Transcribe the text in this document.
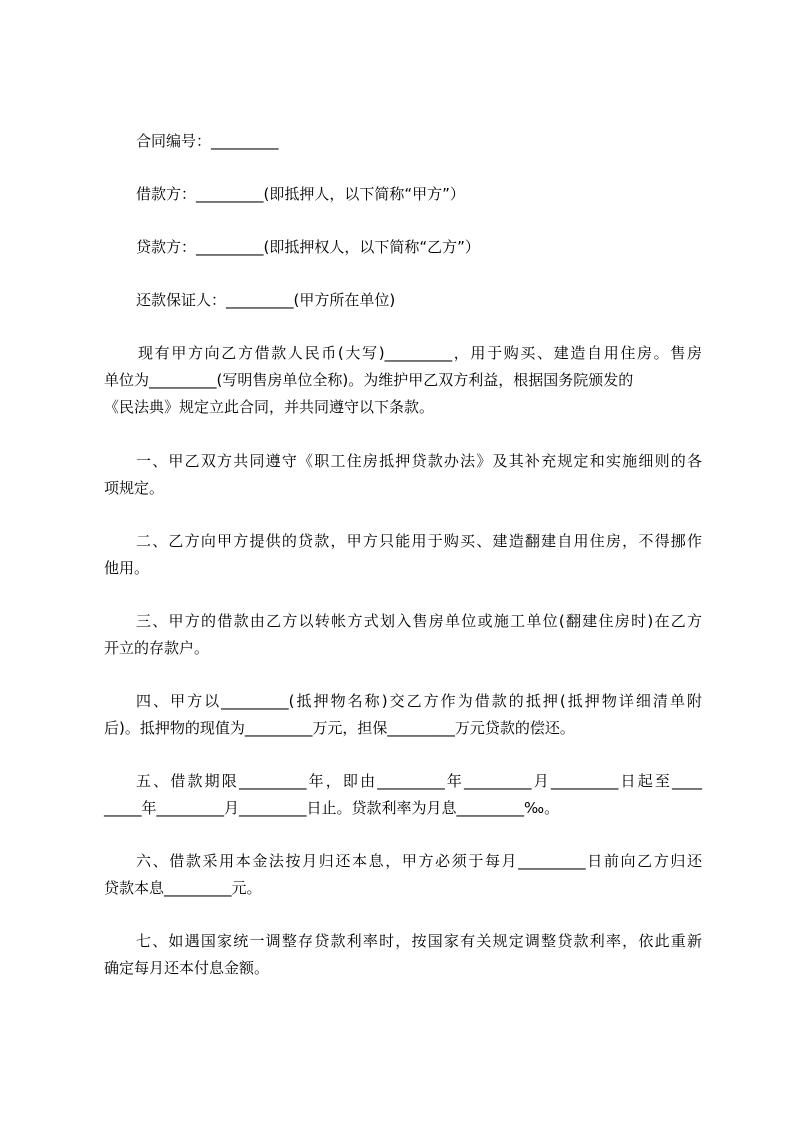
合同编号：_________
借款方：_________(即抵押人，以下简称“甲方”）
贷款方：_________(即抵押权人，以下简称“乙方”）
还款保证人：_________(甲方所在单位)
现有甲方向乙方借款人民币(大写)_________，用于购买、建造自用住房。售房
单位为_________(写明售房单位全称)。为维护甲乙双方利益，根据国务院颁发的
《民法典》规定立此合同，并共同遵守以下条款。
一、甲乙双方共同遵守《职工住房抵押贷款办法》及其补充规定和实施细则的各
项规定。
二、乙方向甲方提供的贷款，甲方只能用于购买、建造翻建自用住房，不得挪作
他用。
三、甲方的借款由乙方以转帐方式划入售房单位或施工单位(翻建住房时)在乙方
开立的存款户。
四、甲方以_________(抵押物名称)交乙方作为借款的抵押(抵押物详细清单附
后)。抵押物的现值为_________万元，担保_________万元贷款的偿还。
五、借款期限_________年，即由_________年_________月_________日起至____
_____年_________月_________日止。贷款利率为月息_________‰。
六、借款采用本金法按月归还本息，甲方必须于每月_________日前向乙方归还
贷款本息_________元。
七、如遇国家统一调整存贷款利率时，按国家有关规定调整贷款利率，依此重新
确定每月还本付息金额。
